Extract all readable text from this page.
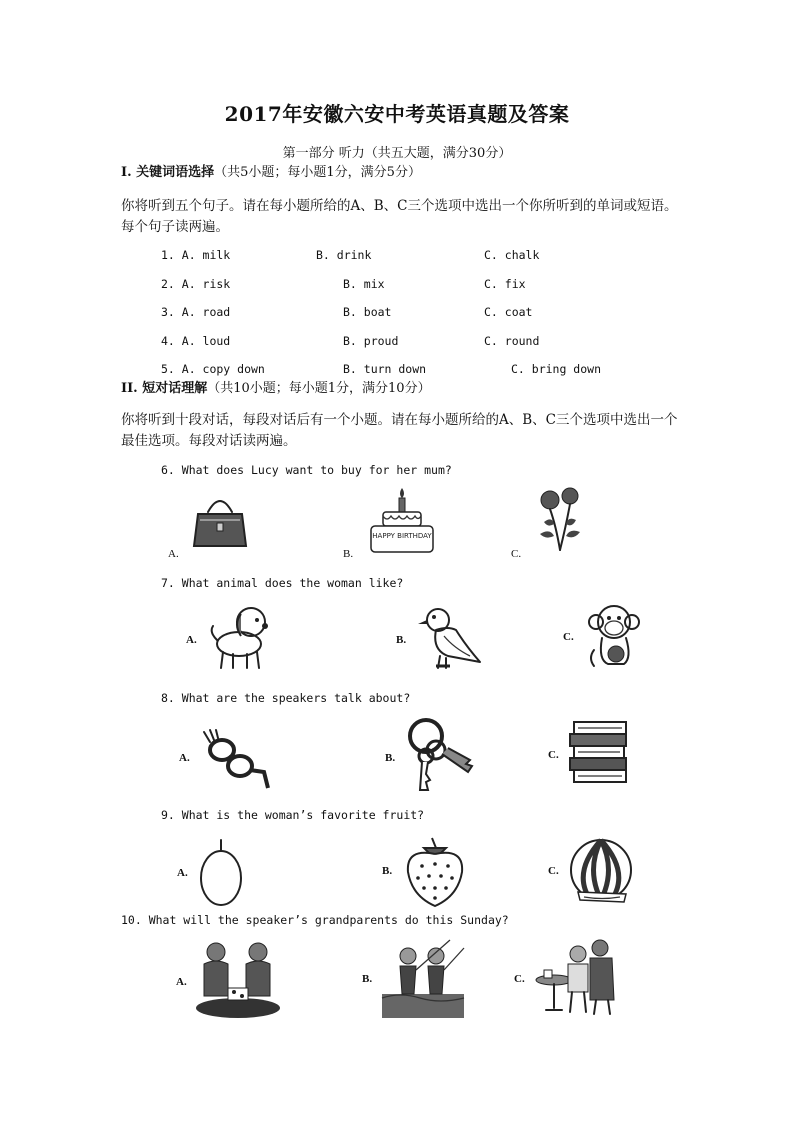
2017年安徽六安中考英语真题及答案
第一部分 听力（共五大题，满分30分）
I. 关键词语选择（共5小题；每小题1分，满分5分）
你将听到五个句子。请在每小题所给的A、B、C三个选项中选出一个你所听到的单词或短语。每个句子读两遍。
1. A. milk	B. drink	C. chalk
2. A. risk	B. mix	C. fix
3. A. road	B. boat	C. coat
4. A. loud	B. proud	C. round
5. A. copy down	B. turn down	C. bring down
II. 短对话理解（共10小题；每小题1分，满分10分）
你将听到十段对话，每段对话后有一个小题。请在每小题所给的A、B、C三个选项中选出一个最佳选项。每段对话读两遍。
6. What does Lucy want to buy for her mum?
A.	B.	C.
HAPPY BIRTHDAY
7. What animal does the woman like?
A.	B.	C.
8. What are the speakers talk about?
A.	B.	C.
9. What is the woman’s favorite fruit?
A.	B.	C.
10. What will the speaker’s grandparents do this Sunday?
A.	B.	C.
